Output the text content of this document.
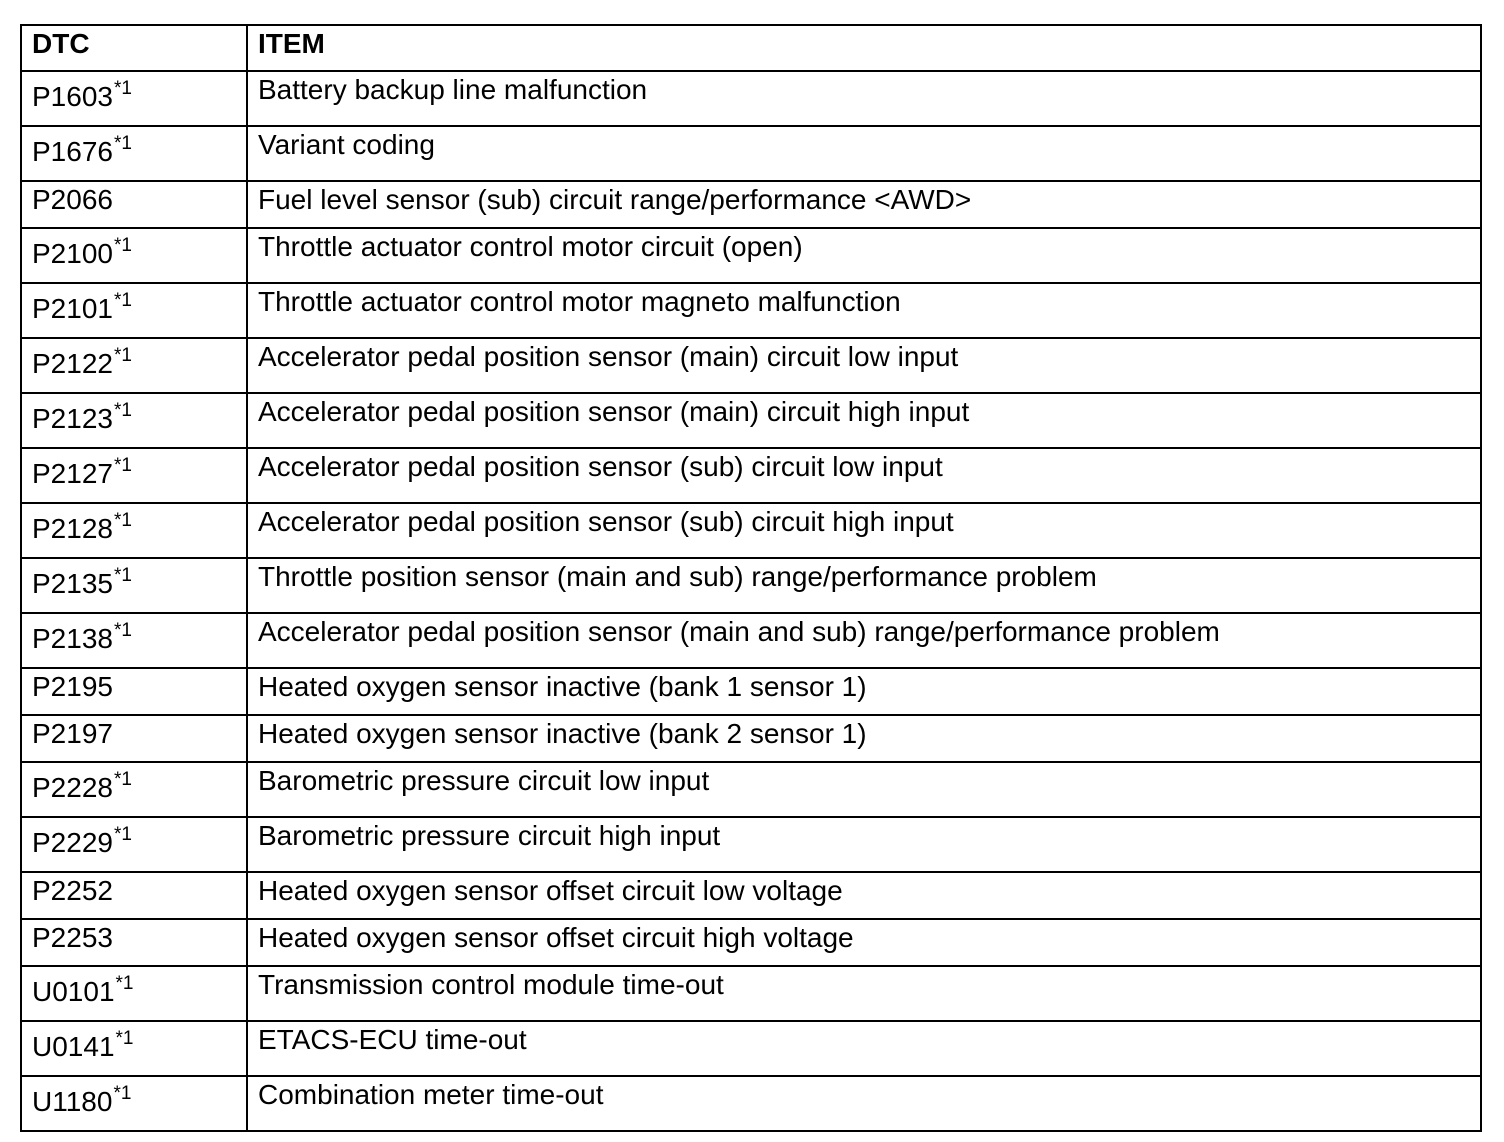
DTC	ITEM
P1603$^{*1}$	Battery backup line malfunction
P1676$^{*1}$	Variant coding
P2066	Fuel level sensor (sub) circuit range/performance <AWD>
P2100$^{*1}$	Throttle actuator control motor circuit (open)
P2101$^{*1}$	Throttle actuator control motor magneto malfunction
P2122$^{*1}$	Accelerator pedal position sensor (main) circuit low input
P2123$^{*1}$	Accelerator pedal position sensor (main) circuit high input
P2127$^{*1}$	Accelerator pedal position sensor (sub) circuit low input
P2128$^{*1}$	Accelerator pedal position sensor (sub) circuit high input
P2135$^{*1}$	Throttle position sensor (main and sub) range/performance problem
P2138$^{*1}$	Accelerator pedal position sensor (main and sub) range/performance problem
P2195	Heated oxygen sensor inactive (bank 1 sensor 1)
P2197	Heated oxygen sensor inactive (bank 2 sensor 1)
P2228$^{*1}$	Barometric pressure circuit low input
P2229$^{*1}$	Barometric pressure circuit high input
P2252	Heated oxygen sensor offset circuit low voltage
P2253	Heated oxygen sensor offset circuit high voltage
U0101$^{*1}$	Transmission control module time-out
U0141$^{*1}$	ETACS-ECU time-out
U1180$^{*1}$	Combination meter time-out
